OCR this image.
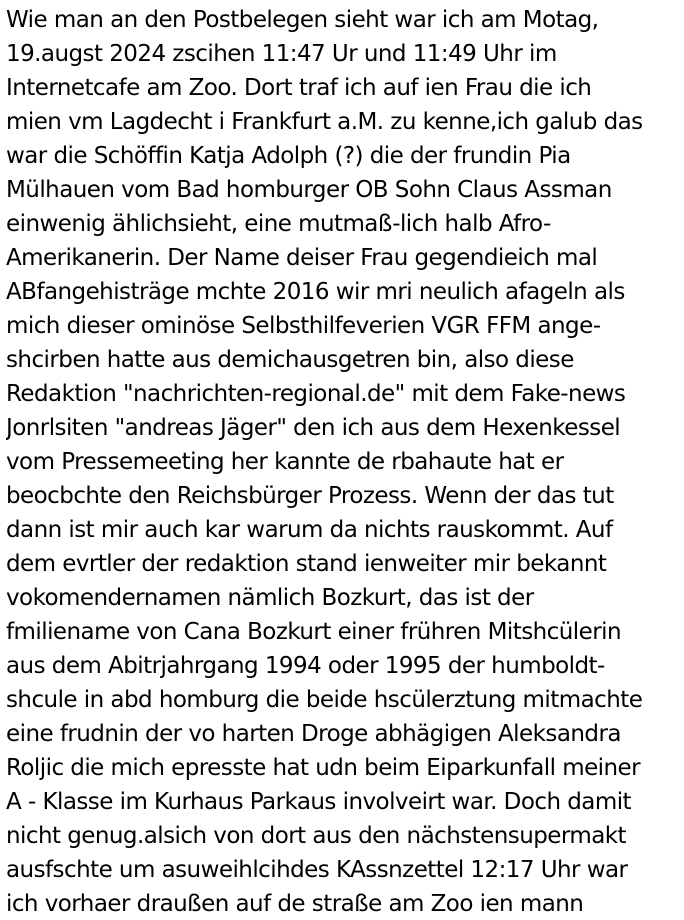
Wie man an den Postbelegen sieht war ich am Motag,
19.augst 2024 zscihen 11:47 Ur und 11:49 Uhr im
Internetcafe am Zoo. Dort traf ich auf ien Frau die ich
mien vm Lagdecht i Frankfurt a.M. zu kenne,ich galub das
war die Schöffin Katja Adolph (?) die der frundin Pia
Mülhauen vom Bad homburger OB Sohn Claus Assman
einwenig ählichsieht, eine mutmaß-lich halb Afro-
Amerikanerin. Der Name deiser Frau gegendieich mal
ABfangehisträge mchte 2016 wir mri neulich afageln als
mich dieser ominöse Selbsthilfeverien VGR FFM ange-
shcirben hatte aus demichausgetren bin, also diese
Redaktion "nachrichten-regional.de" mit dem Fake-news
Jonrlsiten "andreas Jäger" den ich aus dem Hexenkessel
vom Pressemeeting her kannte de rbahaute hat er
beocbchte den Reichsbürger Prozess. Wenn der das tut
dann ist mir auch kar warum da nichts rauskommt. Auf
dem evrtler der redaktion stand ienweiter mir bekannt
vokomendernamen nämlich Bozkurt, das ist der
fmilienamе von Cana Bozkurt einer frühren Mitshcülerin
aus dem Abitrjahrgang 1994 oder 1995 der humboldt-
shcule in abd homburg die beide hscülerztung mitmachte
eine frudnin der vo harten Droge abhägigen Aleksandra
Roljic die mich epresste hat udn beim Eiparkunfall meiner
A - Klasse im Kurhaus Parkaus involveirt war. Doch damit
nicht genug.alsich von dort aus den nächstensupermakt
ausfschte um asuweihlcihdes KAssnzettel 12:17 Uhr war
ich vorhaer draußen auf de straße am Zoo ien mann
